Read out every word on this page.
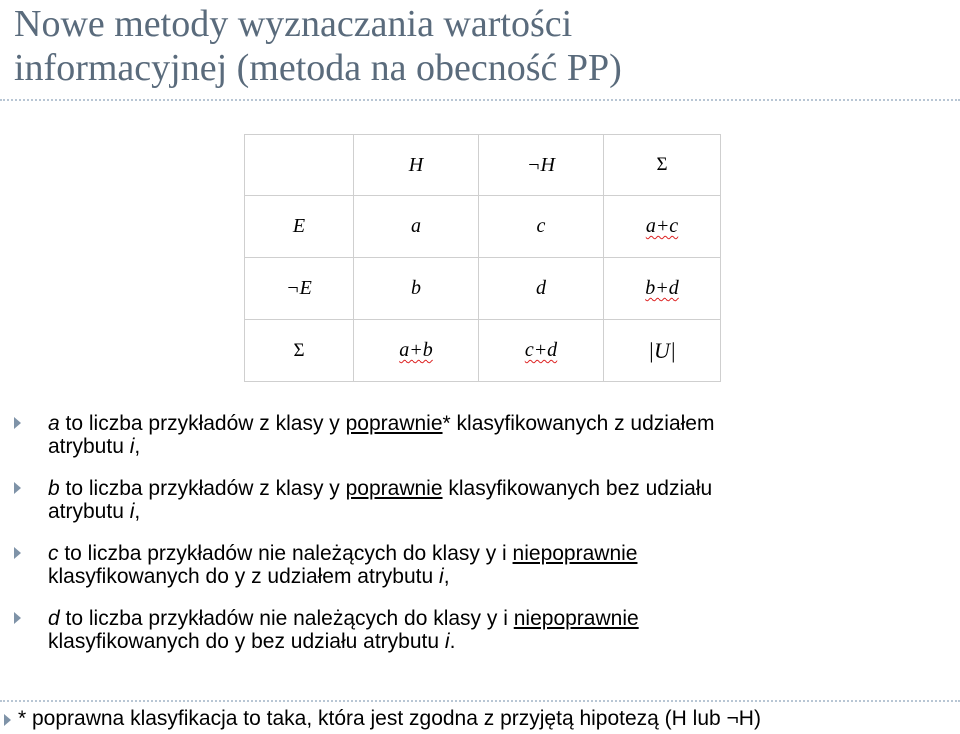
Nowe metody wyznaczania wartości
informacyjnej (metoda na obecność PP)
	H	¬H	Σ
E	a	c	a+c
¬E	b	d	b+d
Σ	a+b	c+d	|U|
a to liczba przykładów z klasy y poprawnie* klasyfikowanych z udziałem
atrybutu i,
b to liczba przykładów z klasy y poprawnie klasyfikowanych bez udziału
atrybutu i,
c to liczba przykładów nie należących do klasy y i niepoprawnie
klasyfikowanych do y z udziałem atrybutu i,
d to liczba przykładów nie należących do klasy y i niepoprawnie
klasyfikowanych do y bez udziału atrybutu i.
* poprawna klasyfikacja to taka, która jest zgodna z przyjętą hipotezą (H lub ¬H)
